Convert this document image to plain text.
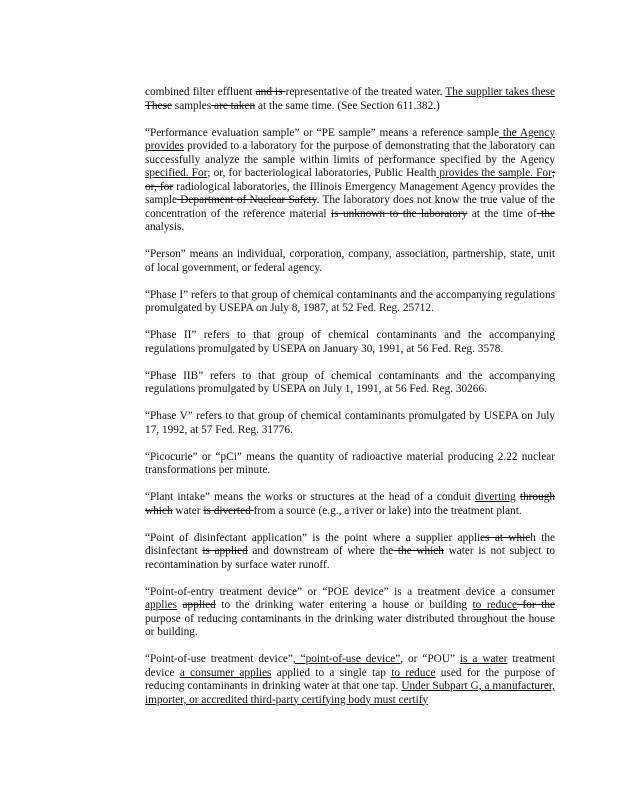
combined filter effluent and is representative of the treated water. The supplier takes these These samples are taken at the same time. (See Section 611.382.)

“Performance evaluation sample” or “PE sample” means a reference sample the Agency provides provided to a laboratory for the purpose of demonstrating that the laboratory can successfully analyze the sample within limits of performance specified by the Agency specified. For; or, for bacteriological laboratories, Public Health provides the sample. For; or, for radiological laboratories, the Illinois Emergency Management Agency provides the sample Department of Nuclear Safety. The laboratory does not know the true value of the concentration of the reference material is unknown to the laboratory at the time of the analysis.

“Person” means an individual, corporation, company, association, partnership, state, unit of local government, or federal agency.

“Phase I” refers to that group of chemical contaminants and the accompanying regulations promulgated by USEPA on July 8, 1987, at 52 Fed. Reg. 25712.

“Phase II” refers to that group of chemical contaminants and the accompanying regulations promulgated by USEPA on January 30, 1991, at 56 Fed. Reg. 3578.

“Phase IIB” refers to that group of chemical contaminants and the accompanying regulations promulgated by USEPA on July 1, 1991, at 56 Fed. Reg. 30266.

“Phase V” refers to that group of chemical contaminants promulgated by USEPA on July 17, 1992, at 57 Fed. Reg. 31776.

“Picocurie” or “pCi” means the quantity of radioactive material producing 2.22 nuclear transformations per minute.

“Plant intake” means the works or structures at the head of a conduit diverting through which water is diverted from a source (e.g., a river or lake) into the treatment plant.

“Point of disinfectant application” is the point where a supplier applies at which the disinfectant is applied and downstream of where the the which water is not subject to recontamination by surface water runoff.

“Point-of-entry treatment device” or “POE device” is a treatment device a consumer applies applied to the drinking water entering a house or building to reduce for the purpose of reducing contaminants in the drinking water distributed throughout the house or building.

“Point-of-use treatment device”, “point-of-use device”, or “POU” is a water treatment device a consumer applies applied to a single tap to reduce used for the purpose of reducing contaminants in drinking water at that one tap. Under Subpart G, a manufacturer, importer, or accredited third-party certifying body must certify
